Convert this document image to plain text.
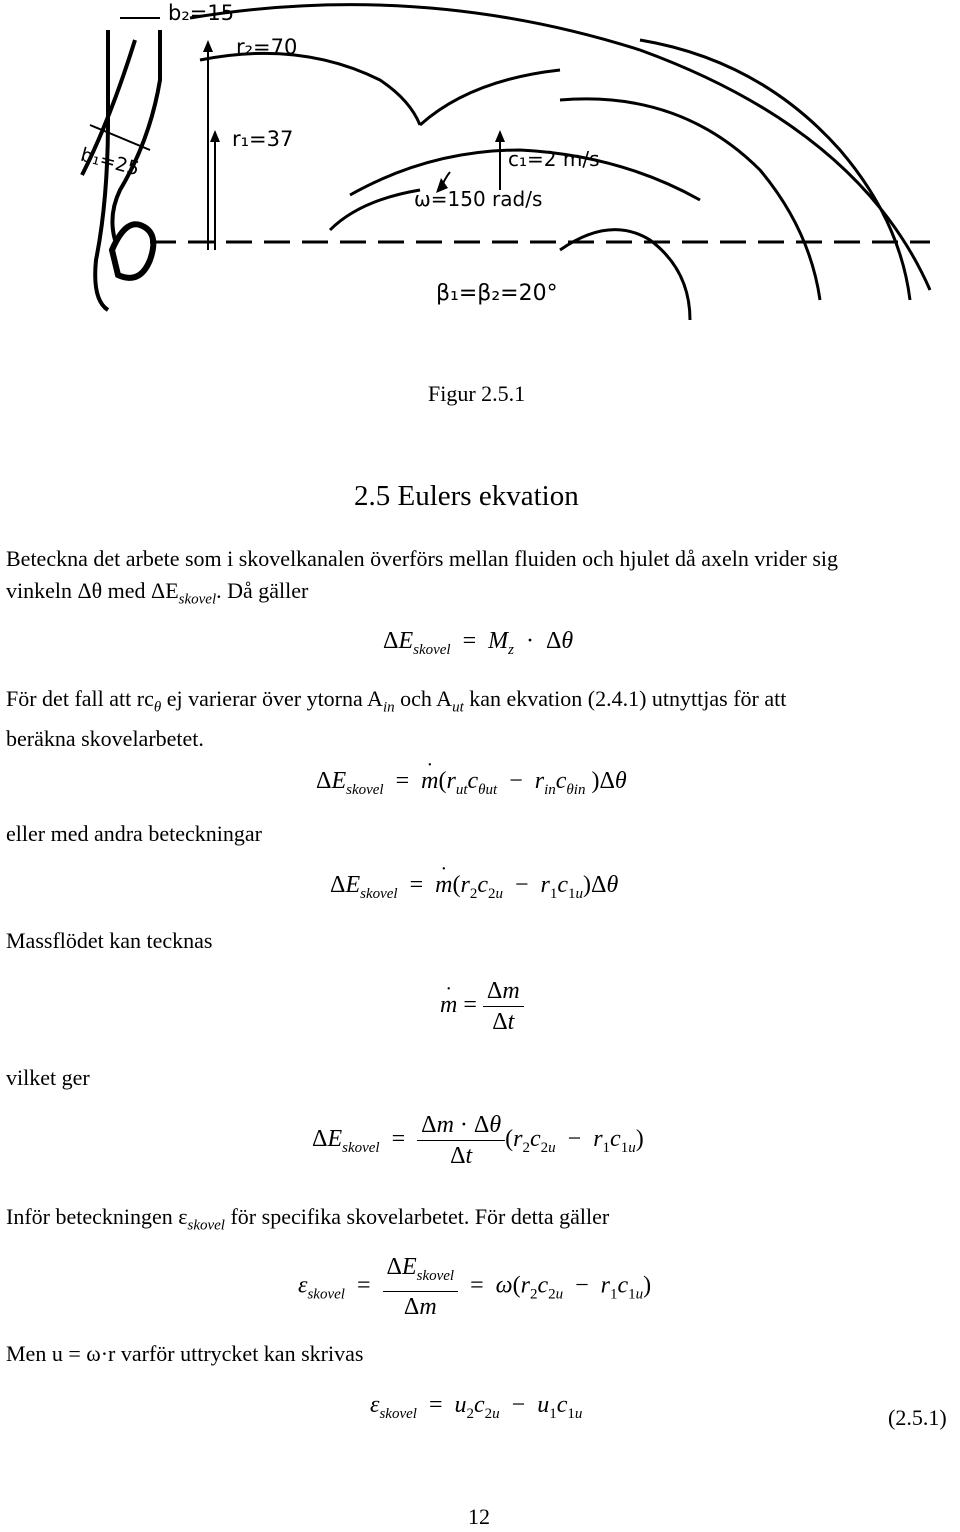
b₂=15
r₂=70
r₁=37
b₁=25	c₁=2 m/s
ω=150 rad/s
β₁=β₂=20°
Figur 2.5.1
2.5 Eulers ekvation
Beteckna det arbete som i skovelkanalen överförs mellan fluiden och hjulet då axeln vrider sig
vinkeln Δθ med $\Delta E_{skovel}$. Då gäller
$\Delta E_{skovel} = M_z \cdot \Delta\theta$
För det fall att $rc_\theta$ ej varierar över ytorna $A_{in}$ och $A_{ut}$ kan ekvation (2.4.1) utnyttjas för att
beräkna skovelarbetet.
$\Delta E_{skovel}$  =  · $m(r_{ut}c_{\theta ut} - r_{in}c_{\theta in}$ )Δθ
eller med andra beteckningar
$\Delta E_{skovel}$  =  · $m(r_2c_{2u} - r_1c_{1u})\Delta\theta$
Massflödet kan tecknas
· $m = \frac{\Delta m}{\Delta t}$
vilket ger
$\Delta E_{skovel} = \frac{\Delta m \cdot \Delta\theta}{\Delta t} (r_2c_{2u} - r_1c_{1u})$
Inför beteckningen $\varepsilon_{skovel}$ för specifika skovelarbetet. För detta gäller
$\varepsilon_{skovel} = \frac{\Delta E_{skovel}}{\Delta m} = \omega(r_2c_{2u} - r_1c_{1u})$
Men u = ω·r varför uttrycket kan skrivas
$\varepsilon_{skovel} = u_2c_{2u} - u_1c_{1u}$	(2.5.1)
12
